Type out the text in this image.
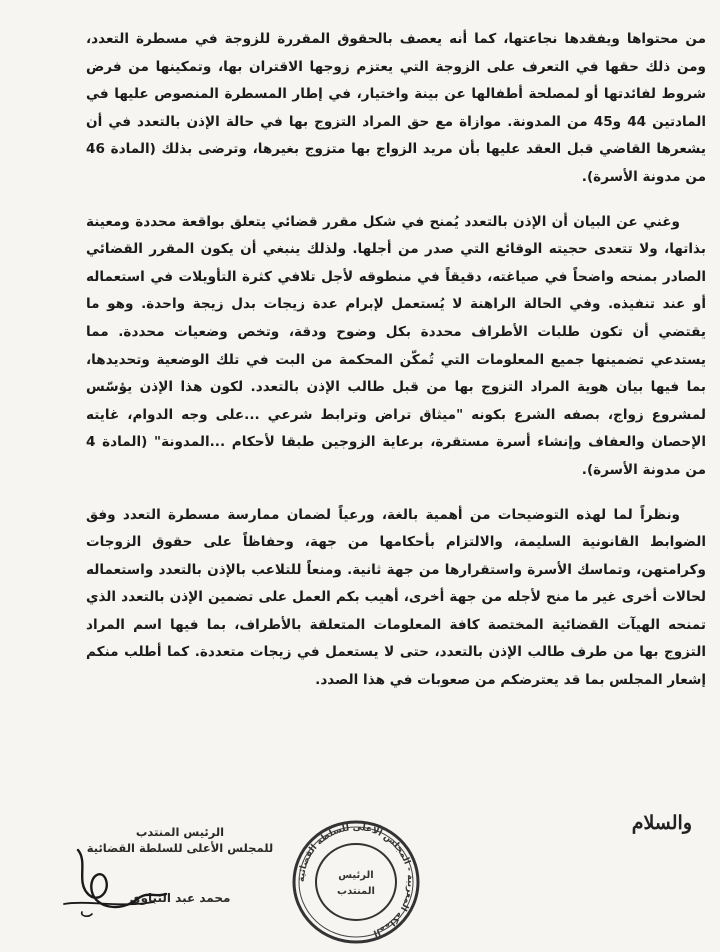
من محتواها ويفقدها نجاعتها، كما أنه يعصف بالحقوق المقررة للزوجة في مسطرة التعدد، ومن ذلك حقها في التعرف على الزوجة التي يعتزم زوجها الاقتران بها، وتمكينها من فرض شروط لفائدتها أو لمصلحة أطفالها عن بينة واختيار، في إطار المسطرة المنصوص عليها في المادتين 44 و45 من المدونة. موازاة مع حق المراد التزوج بها في حالة الإذن بالتعدد في أن يشعرها القاضي قبل العقد عليها بأن مريد الزواج بها متزوج بغيرها، وترضى بذلك (المادة 46 من مدونة الأسرة).

وغني عن البيان أن الإذن بالتعدد يُمنح في شكل مقرر قضائي يتعلق بواقعة محددة ومعينة بذاتها، ولا تتعدى حجيته الوقائع التي صدر من أجلها. ولذلك ينبغي أن يكون المقرر القضائي الصادر بمنحه واضحاً في صياغته، دقيقاً في منطوقه لأجل تلافي كثرة التأويلات في استعماله أو عند تنفيذه. وفي الحالة الراهنة لا يُستعمل لإبرام عدة زيجات بدل زيجة واحدة. وهو ما يقتضي أن تكون طلبات الأطراف محددة بكل وضوح ودقة، وتخص وضعيات محددة. مما يستدعي تضمينها جميع المعلومات التي تُمكّن المحكمة من البت في تلك الوضعية وتحديدها، بما فيها بيان هوية المراد التزوج بها من قبل طالب الإذن بالتعدد. لكون هذا الإذن يؤسّس لمشروع زواج، بصفه الشرع بكونه "ميثاق تراض وترابط شرعي ...على وجه الدوام، غايته الإحصان والعفاف وإنشاء أسرة مستقرة، برعاية الزوجين طبقا لأحكام ...المدونة" (المادة 4 من مدونة الأسرة).

ونظراً لما لهذه التوضيحات من أهمية بالغة، ورعياً لضمان ممارسة مسطرة التعدد وفق الضوابط القانونية السليمة، والالتزام بأحكامها من جهة، وحفاظاً على حقوق الزوجات وكرامتهن، وتماسك الأسرة واستقرارها من جهة ثانية. ومنعاً للتلاعب بالإذن بالتعدد واستعماله لحالات أخرى غير ما منح لأجله من جهة أخرى، أهيب بكم العمل على تضمين الإذن بالتعدد الذي تمنحه الهيآت القضائية المختصة كافة المعلومات المتعلقة بالأطراف، بما فيها اسم المراد التزوج بها من طرف طالب الإذن بالتعدد، حتى لا يستعمل في زيجات متعددة. كما أطلب منكم إشعار المجلس بما قد يعترضكم من صعوبات في هذا الصدد.

والسلام
المملكة المغربية - المجلس الأعلى للسلطة القضائية
الرئيس
المنتدب
الرئيس المنتدب
للمجلس الأعلى للسلطة القضائية
محمد عبد النباوي
